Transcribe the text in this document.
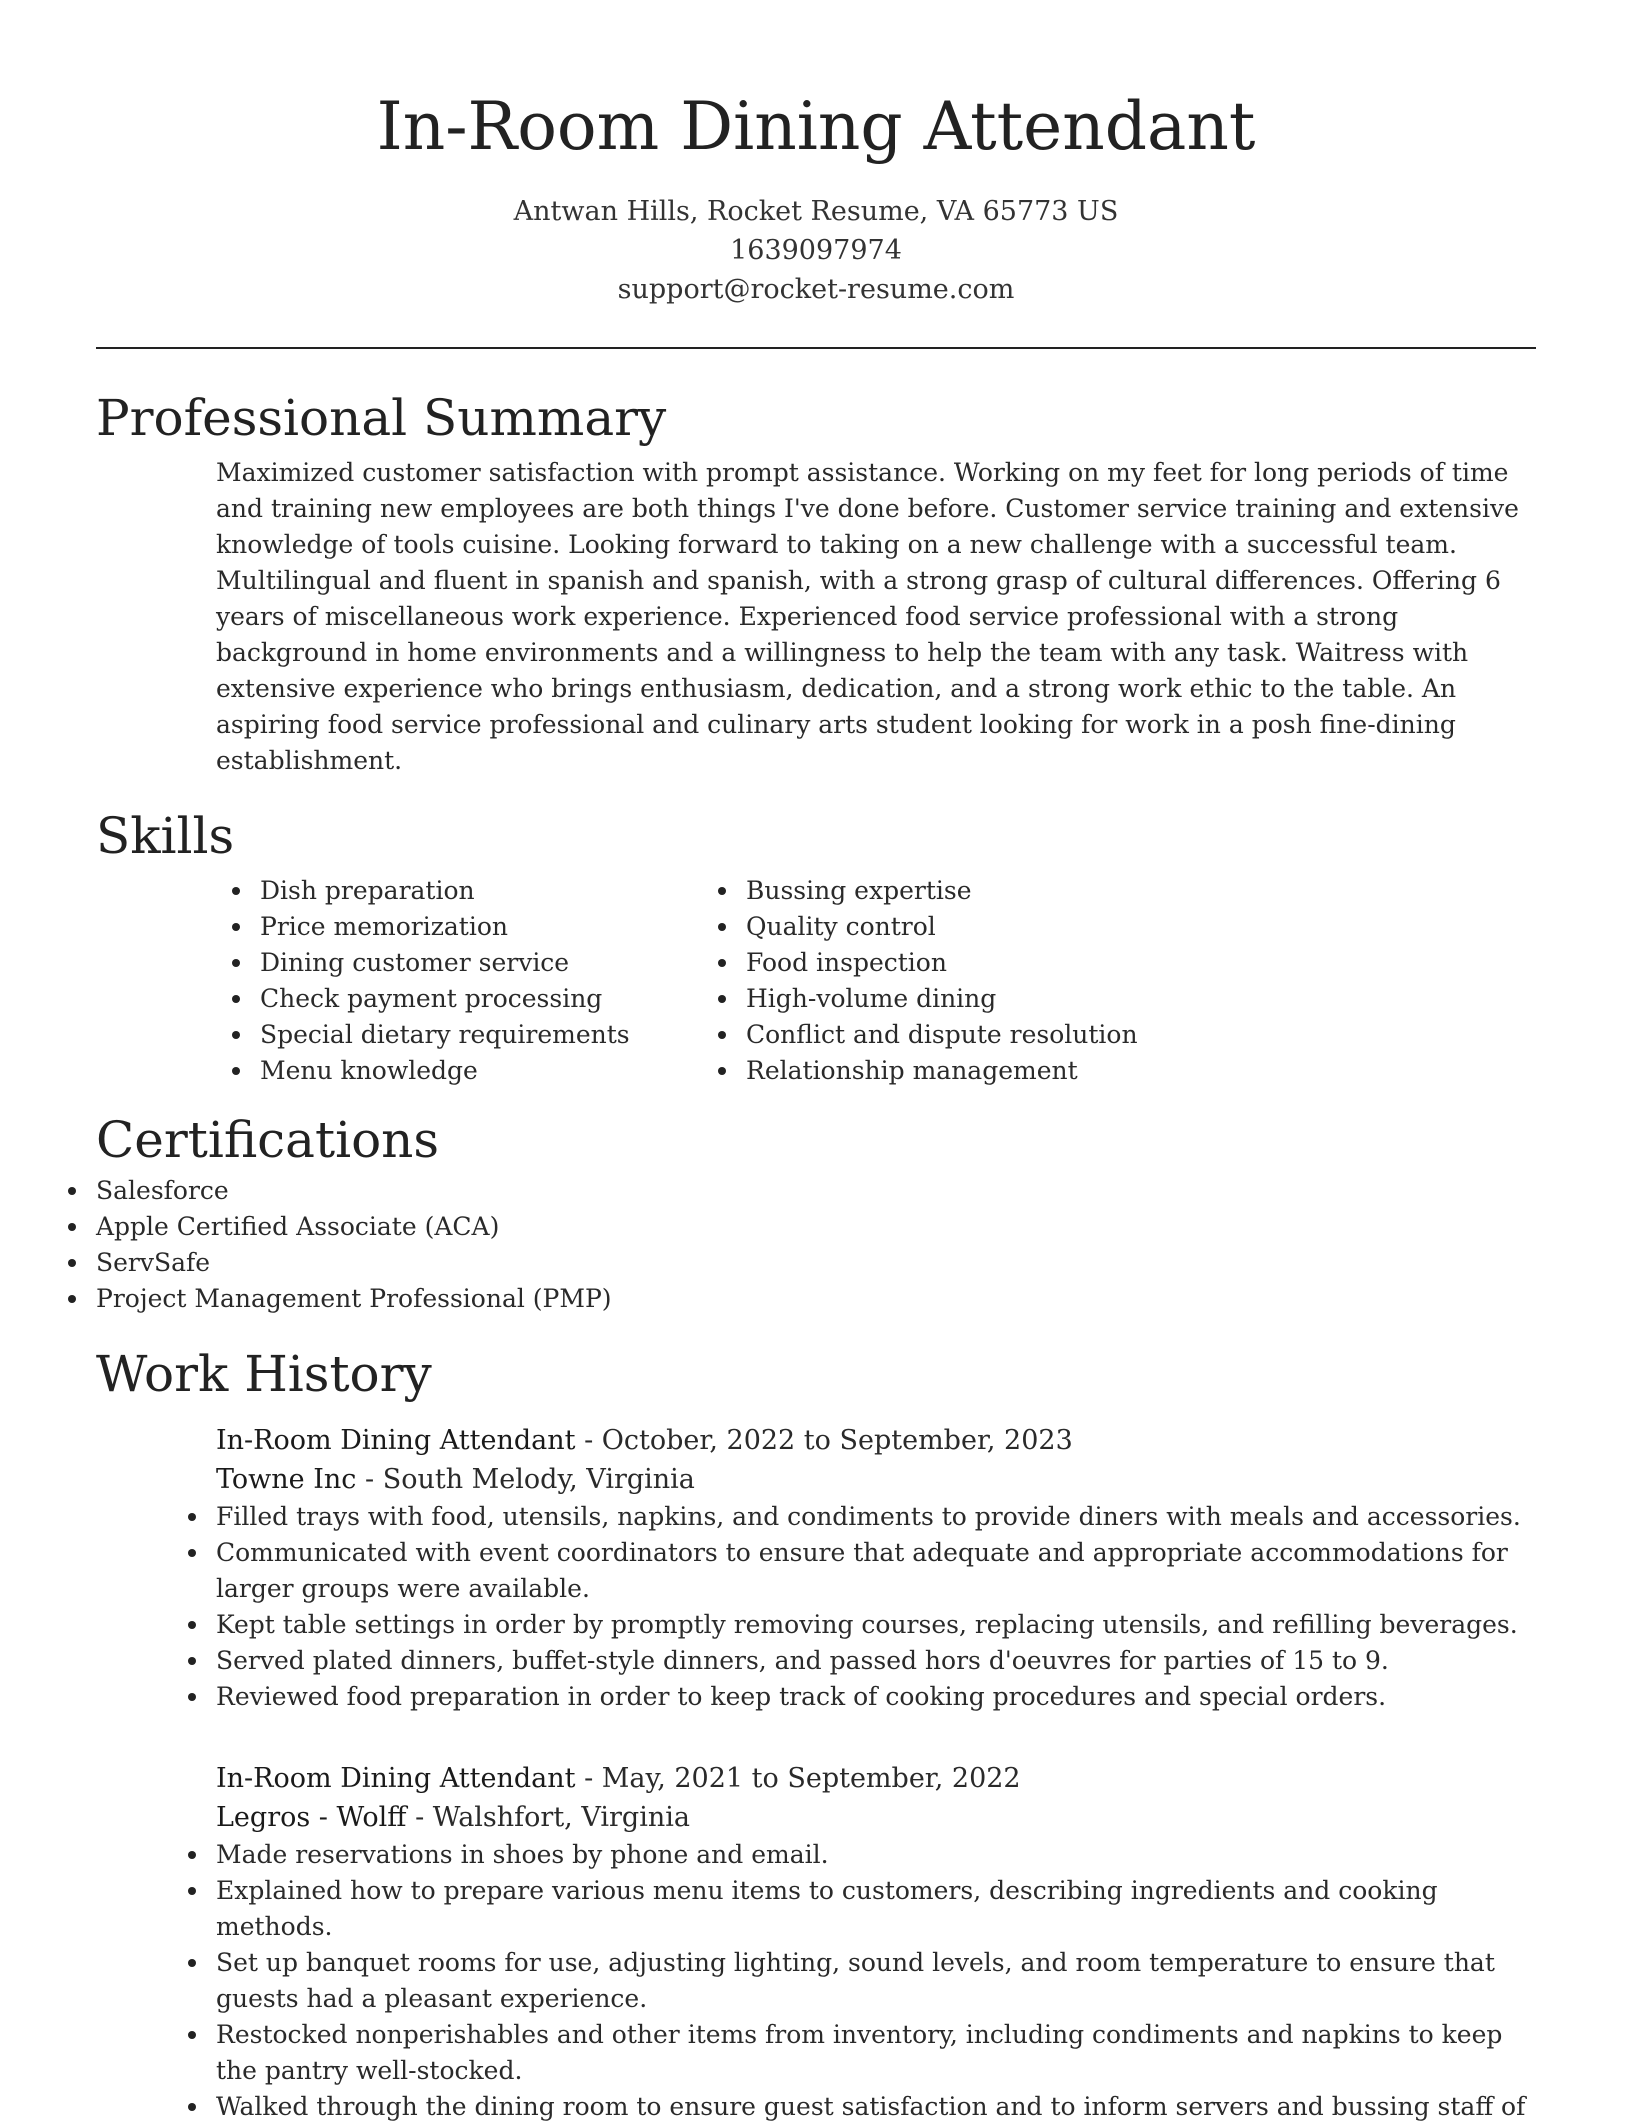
In-Room Dining Attendant
Antwan Hills, Rocket Resume, VA 65773 US
1639097974
support@rocket-resume.com
Professional Summary

Maximized customer satisfaction with prompt assistance. Working on my feet for long periods of time and training new employees are both things I've done before. Customer service training and extensive knowledge of tools cuisine. Looking forward to taking on a new challenge with a successful team. Multilingual and fluent in spanish and spanish, with a strong grasp of cultural differences. Offering 6 years of miscellaneous work experience. Experienced food service professional with a strong background in home environments and a willingness to help the team with any task. Waitress with extensive experience who brings enthusiasm, dedication, and a strong work ethic to the table. An aspiring food service professional and culinary arts student looking for work in a posh fine-dining establishment.

Skills
Dish preparation
Price memorization
Dining customer service
Check payment processing
Special dietary requirements
Menu knowledge
Bussing expertise
Quality control
Food inspection
High-volume dining
Conflict and dispute resolution
Relationship management
Certifications
Salesforce
Apple Certified Associate (ACA)
ServSafe
Project Management Professional (PMP)
Work History
In-Room Dining Attendant - October, 2022 to September, 2023
Towne Inc - South Melody, Virginia
Filled trays with food, utensils, napkins, and condiments to provide diners with meals and accessories.
Communicated with event coordinators to ensure that adequate and appropriate accommodations for larger groups were available.
Kept table settings in order by promptly removing courses, replacing utensils, and refilling beverages.
Served plated dinners, buffet-style dinners, and passed hors d'oeuvres for parties of 15 to 9.
Reviewed food preparation in order to keep track of cooking procedures and special orders.
In-Room Dining Attendant - May, 2021 to September, 2022
Legros - Wolff - Walshfort, Virginia
Made reservations in shoes by phone and email.
Explained how to prepare various menu items to customers, describing ingredients and cooking methods.
Set up banquet rooms for use, adjusting lighting, sound levels, and room temperature to ensure that guests had a pleasant experience.
Restocked nonperishables and other items from inventory, including condiments and napkins to keep the pantry well-stocked.
Walked through the dining room to ensure guest satisfaction and to inform servers and bussing staff of
